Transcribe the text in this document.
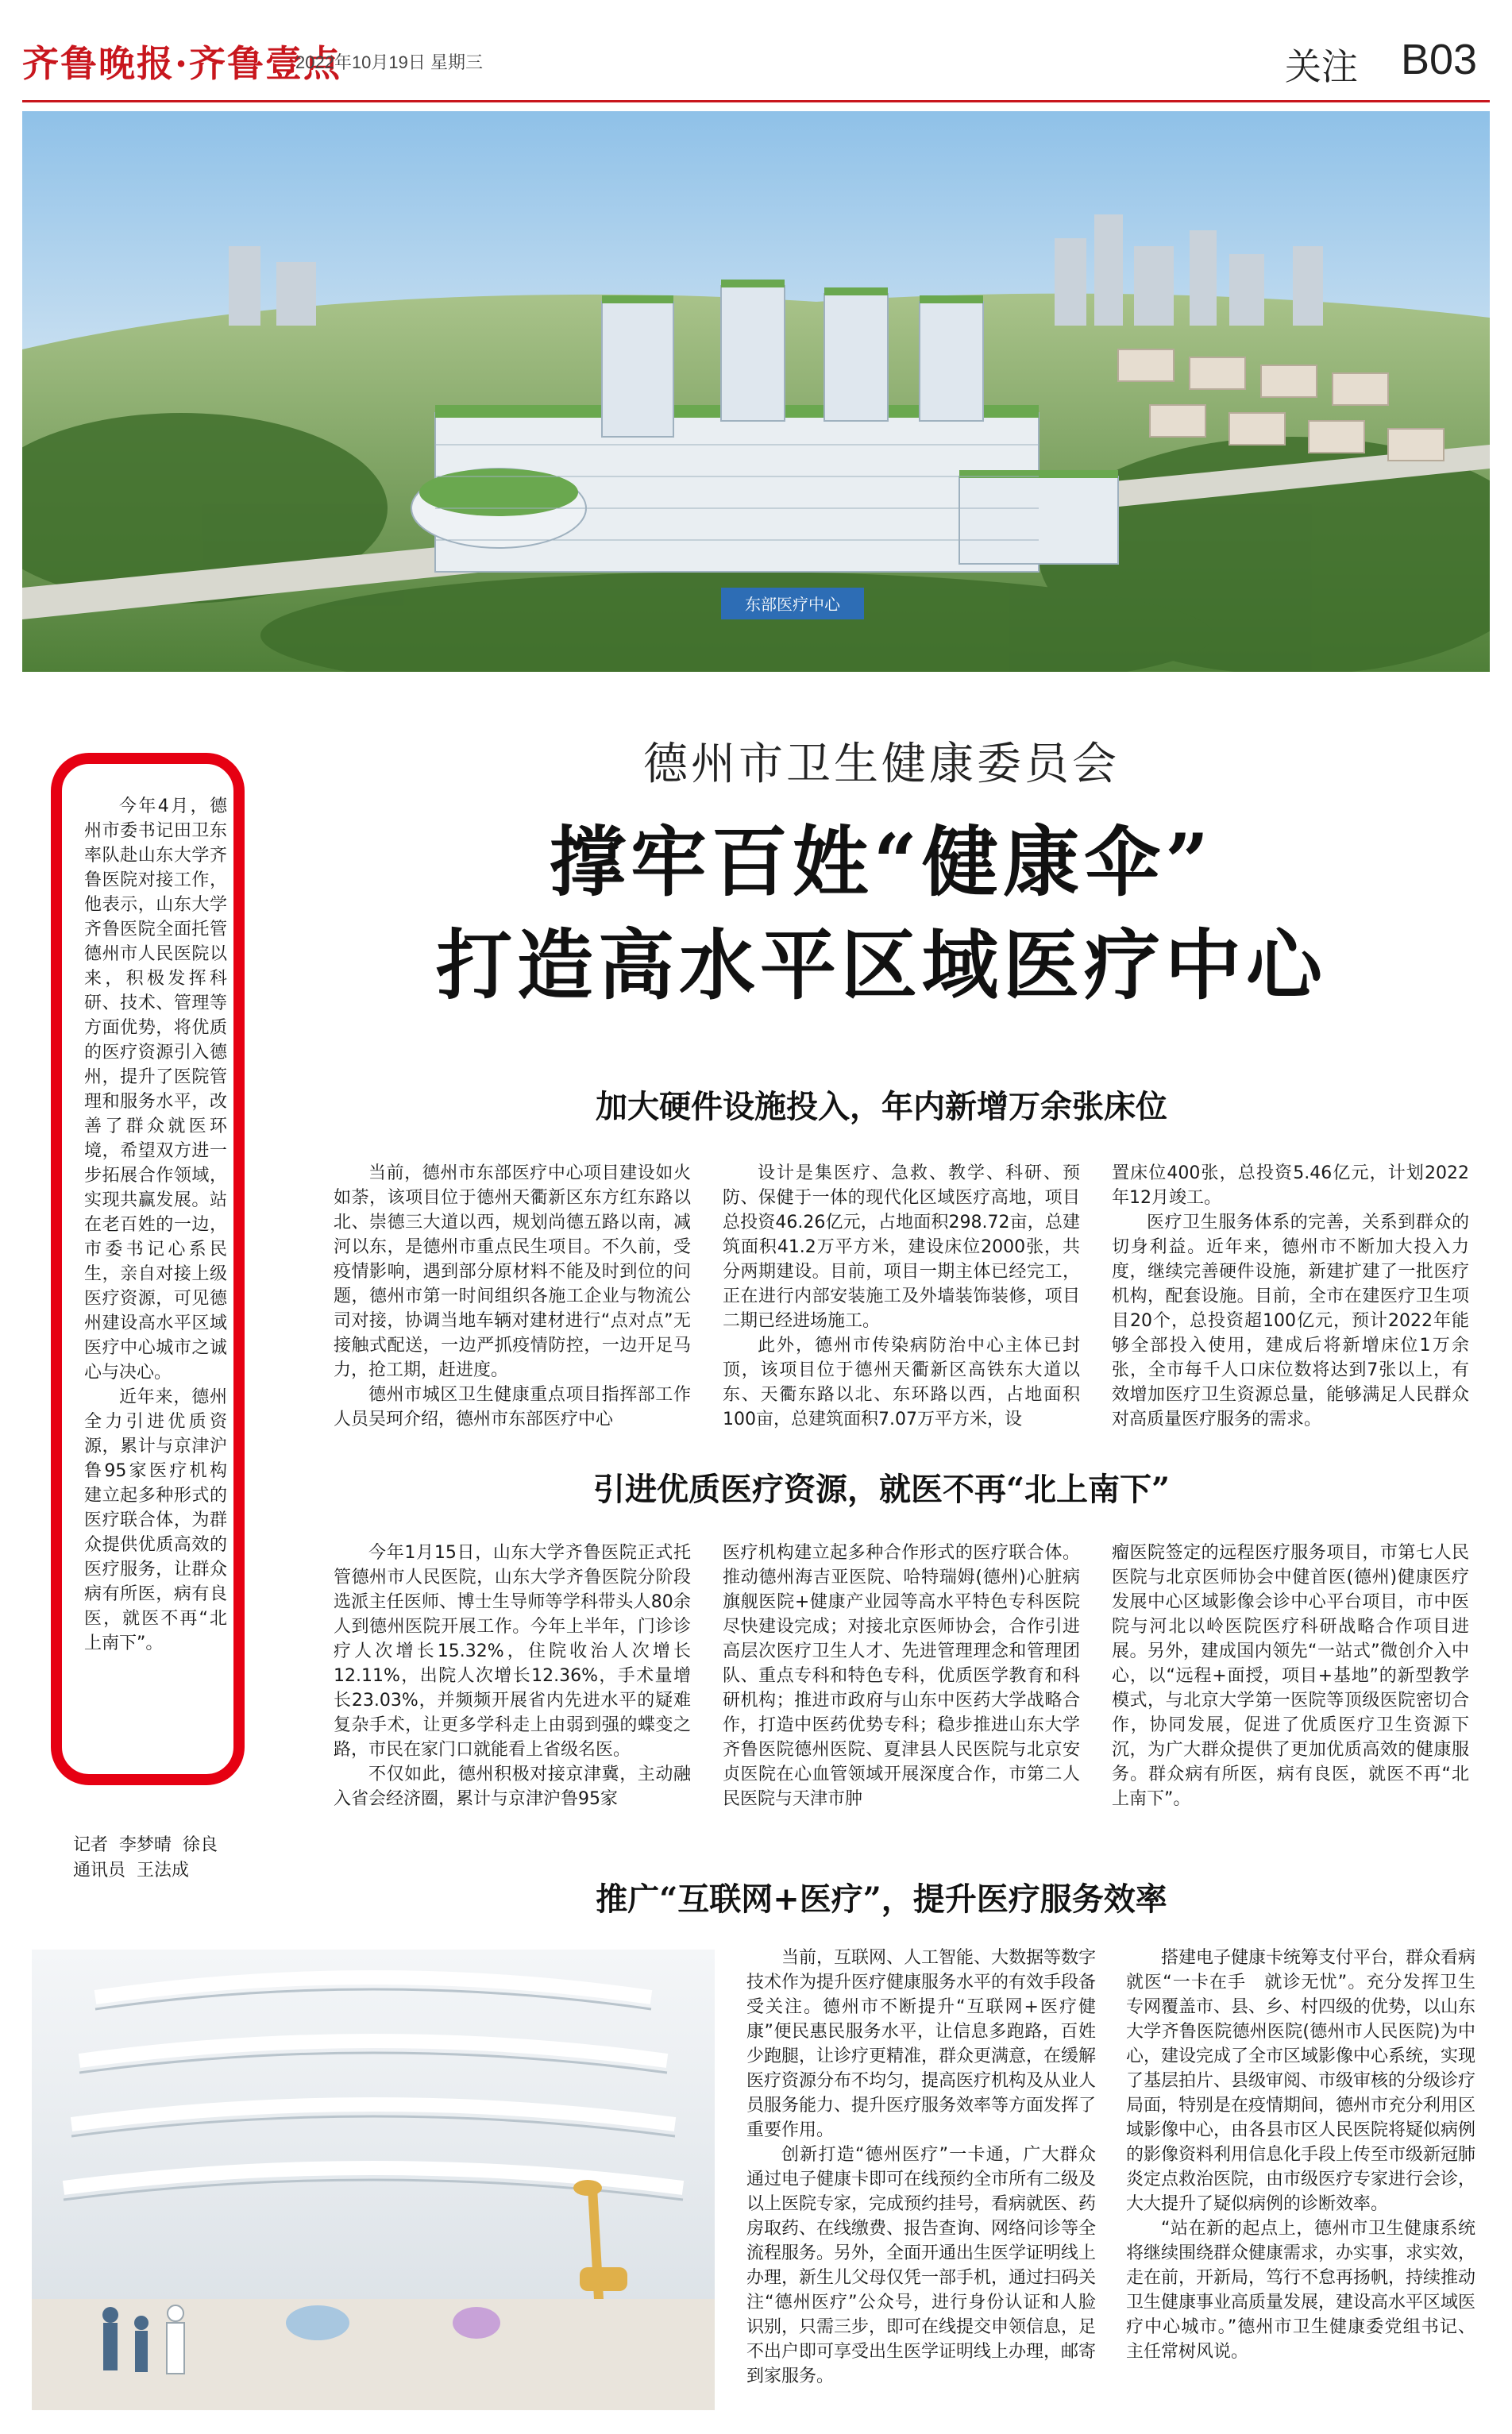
齐鲁晚报·齐鲁壹点
2022年10月19日 星期三	关注 B03
东部医疗中心
德州市卫生健康委员会
撑牢百姓“健康伞”
打造高水平区域医疗中心

今年4月，德州市委书记田卫东率队赴山东大学齐鲁医院对接工作，他表示，山东大学齐鲁医院全面托管德州市人民医院以来，积极发挥科研、技术、管理等方面优势，将优质的医疗资源引入德州，提升了医院管理和服务水平，改善了群众就医环境，希望双方进一步拓展合作领域，实现共赢发展。站在老百姓的一边，市委书记心系民生，亲自对接上级医疗资源，可见德州建设高水平区域医疗中心城市之诚心与决心。

近年来，德州全力引进优质资源，累计与京津沪鲁95家医疗机构建立起多种形式的医疗联合体，为群众提供优质高效的医疗服务，让群众病有所医，病有良医，就医不再“北上南下”。

记者  李梦晴  徐良
通讯员  王法成
加大硬件设施投入，年内新增万余张床位

当前，德州市东部医疗中心项目建设如火如荼，该项目位于德州天衢新区东方红东路以北、崇德三大道以西，规划尚德五路以南，减河以东，是德州市重点民生项目。不久前，受疫情影响，遇到部分原材料不能及时到位的问题，德州市第一时间组织各施工企业与物流公司对接，协调当地车辆对建材进行“点对点”无接触式配送，一边严抓疫情防控，一边开足马力，抢工期，赶进度。

德州市城区卫生健康重点项目指挥部工作人员吴珂介绍，德州市东部医疗中心

设计是集医疗、急救、教学、科研、预防、保健于一体的现代化区域医疗高地，项目总投资46.26亿元，占地面积298.72亩，总建筑面积41.2万平方米，建设床位2000张，共分两期建设。目前，项目一期主体已经完工，正在进行内部安装施工及外墙装饰装修，项目二期已经进场施工。

此外，德州市传染病防治中心主体已封顶，该项目位于德州天衢新区高铁东大道以东、天衢东路以北、东环路以西，占地面积100亩，总建筑面积7.07万平方米，设

置床位400张，总投资5.46亿元，计划2022年12月竣工。

医疗卫生服务体系的完善，关系到群众的切身利益。近年来，德州市不断加大投入力度，继续完善硬件设施，新建扩建了一批医疗机构，配套设施。目前，全市在建医疗卫生项目20个，总投资超100亿元，预计2022年能够全部投入使用，建成后将新增床位1万余张，全市每千人口床位数将达到7张以上，有效增加医疗卫生资源总量，能够满足人民群众对高质量医疗服务的需求。

引进优质医疗资源，就医不再“北上南下”

今年1月15日，山东大学齐鲁医院正式托管德州市人民医院，山东大学齐鲁医院分阶段选派主任医师、博士生导师等学科带头人80余人到德州医院开展工作。今年上半年，门诊诊疗人次增长15.32%，住院收治人次增长12.11%，出院人次增长12.36%，手术量增长23.03%，并频频开展省内先进水平的疑难复杂手术，让更多学科走上由弱到强的蝶变之路，市民在家门口就能看上省级名医。

不仅如此，德州积极对接京津冀，主动融入省会经济圈，累计与京津沪鲁95家

医疗机构建立起多种合作形式的医疗联合体。推动德州海吉亚医院、哈特瑞姆(德州)心脏病旗舰医院+健康产业园等高水平特色专科医院尽快建设完成；对接北京医师协会，合作引进高层次医疗卫生人才、先进管理理念和管理团队、重点专科和特色专科，优质医学教育和科研机构；推进市政府与山东中医药大学战略合作，打造中医药优势专科；稳步推进山东大学齐鲁医院德州医院、夏津县人民医院与北京安贞医院在心血管领域开展深度合作，市第二人民医院与天津市肿

瘤医院签定的远程医疗服务项目，市第七人民医院与北京医师协会中健首医(德州)健康医疗发展中心区域影像会诊中心平台项目，市中医院与河北以岭医院医疗科研战略合作项目进展。另外，建成国内领先“一站式”微创介入中心，以“远程+面授，项目+基地”的新型教学模式，与北京大学第一医院等顶级医院密切合作，协同发展，促进了优质医疗卫生资源下沉，为广大群众提供了更加优质高效的健康服务。群众病有所医，病有良医，就医不再“北上南下”。

推广“互联网+医疗”，提升医疗服务效率

当前，互联网、人工智能、大数据等数字技术作为提升医疗健康服务水平的有效手段备受关注。德州市不断提升“互联网+医疗健康”便民惠民服务水平，让信息多跑路，百姓少跑腿，让诊疗更精准，群众更满意，在缓解医疗资源分布不均匀，提高医疗机构及从业人员服务能力、提升医疗服务效率等方面发挥了重要作用。

创新打造“德州医疗”一卡通，广大群众通过电子健康卡即可在线预约全市所有二级及以上医院专家，完成预约挂号，看病就医、药房取药、在线缴费、报告查询、网络问诊等全流程服务。另外，全面开通出生医学证明线上办理，新生儿父母仅凭一部手机，通过扫码关注“德州医疗”公众号，进行身份认证和人脸识别，只需三步，即可在线提交申领信息，足不出户即可享受出生医学证明线上办理，邮寄到家服务。

搭建电子健康卡统筹支付平台，群众看病就医“一卡在手　就诊无忧”。充分发挥卫生专网覆盖市、县、乡、村四级的优势，以山东大学齐鲁医院德州医院(德州市人民医院)为中心，建设完成了全市区域影像中心系统，实现了基层拍片、县级审阅、市级审核的分级诊疗局面，特别是在疫情期间，德州市充分利用区域影像中心，由各县市区人民医院将疑似病例的影像资料利用信息化手段上传至市级新冠肺炎定点救治医院，由市级医疗专家进行会诊，大大提升了疑似病例的诊断效率。

“站在新的起点上，德州市卫生健康系统将继续围绕群众健康需求，办实事，求实效，走在前，开新局，笃行不怠再扬帆，持续推动卫生健康事业高质量发展，建设高水平区域医疗中心城市。”德州市卫生健康委党组书记、主任常树风说。
